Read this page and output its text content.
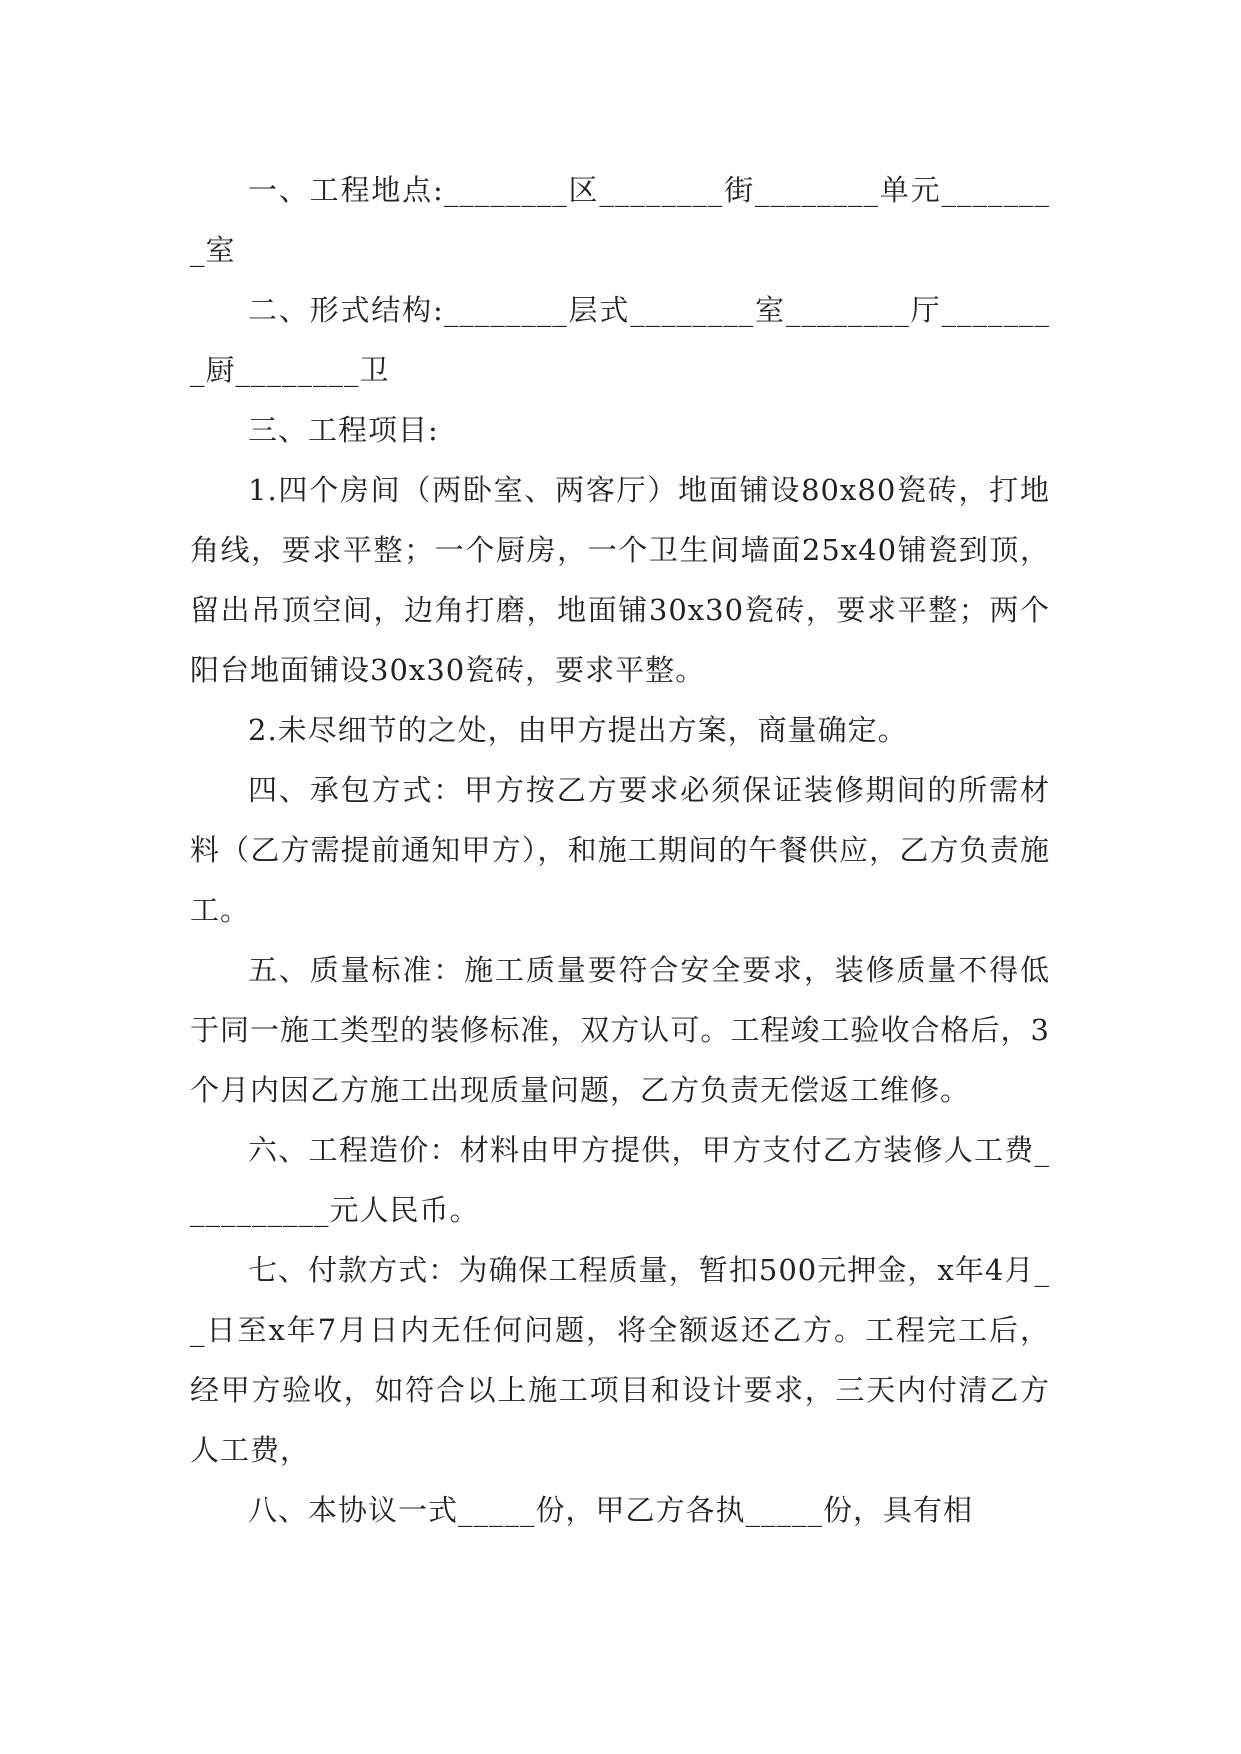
一、工程地点:________区________街________单元________室

二、形式结构:________层式________室________厅________厨________卫

三、工程项目:

1.四个房间（两卧室、两客厅）地面铺设80x80瓷砖，打地角线，要求平整；一个厨房，一个卫生间墙面25x40铺瓷到顶，留出吊顶空间，边角打磨，地面铺30x30瓷砖，要求平整；两个阳台地面铺设30x30瓷砖，要求平整。

2.未尽细节的之处，由甲方提出方案，商量确定。

四、承包方式：甲方按乙方要求必须保证装修期间的所需材料（乙方需提前通知甲方），和施工期间的午餐供应，乙方负责施工。

五、质量标准：施工质量要符合安全要求，装修质量不得低于同一施工类型的装修标准，双方认可。工程竣工验收合格后，3个月内因乙方施工出现质量问题，乙方负责无偿返工维修。

六、工程造价：材料由甲方提供，甲方支付乙方装修人工费__________元人民币。

七、付款方式：为确保工程质量，暂扣500元押金，x年4月__日至x年7月日内无任何问题，将全额返还乙方。工程完工后，经甲方验收，如符合以上施工项目和设计要求，三天内付清乙方人工费，

八、本协议一式_____份，甲乙方各执_____份，具有相
